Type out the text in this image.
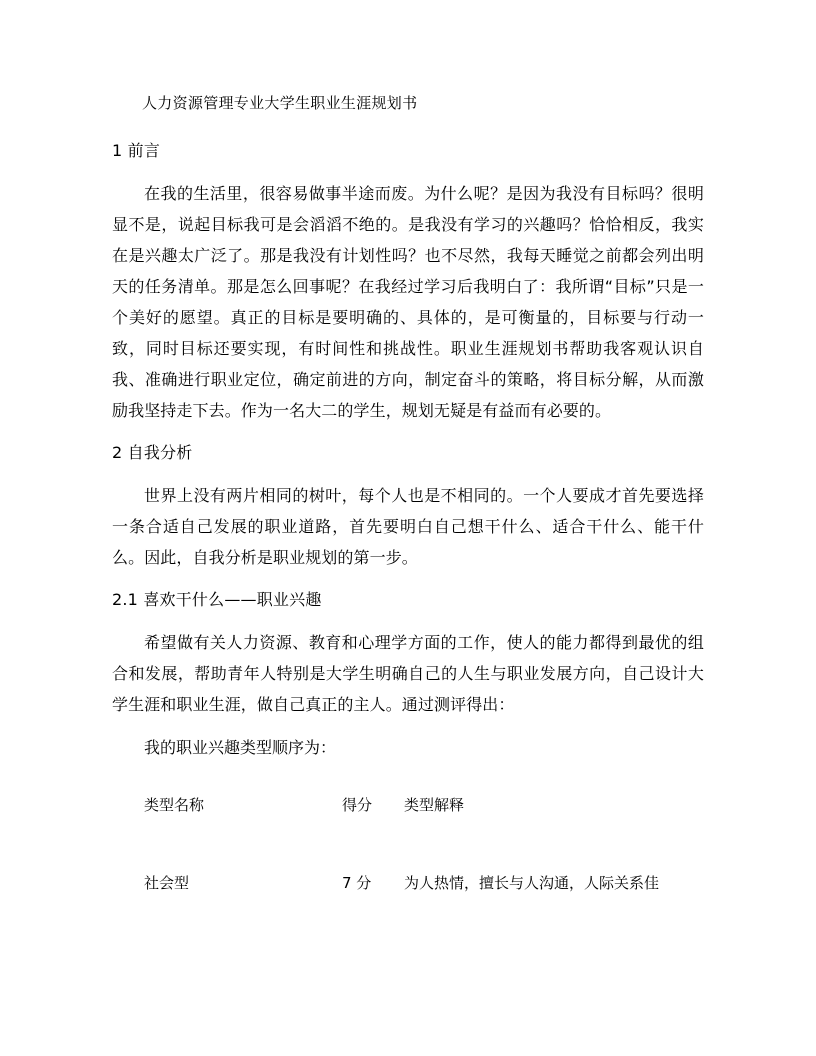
人力资源管理专业大学生职业生涯规划书
1 前言

在我的生活里，很容易做事半途而废。为什么呢？是因为我没有目标吗？很明显不是，说起目标我可是会滔滔不绝的。是我没有学习的兴趣吗？恰恰相反，我实在是兴趣太广泛了。那是我没有计划性吗？也不尽然，我每天睡觉之前都会列出明天的任务清单。那是怎么回事呢？在我经过学习后我明白了：我所谓“目标”只是一个美好的愿望。真正的目标是要明确的、具体的，是可衡量的，目标要与行动一致，同时目标还要实现，有时间性和挑战性。职业生涯规划书帮助我客观认识自我、准确进行职业定位，确定前进的方向，制定奋斗的策略，将目标分解，从而激励我坚持走下去。作为一名大二的学生，规划无疑是有益而有必要的。

2 自我分析

世界上没有两片相同的树叶，每个人也是不相同的。一个人要成才首先要选择一条合适自己发展的职业道路，首先要明白自己想干什么、适合干什么、能干什么。因此，自我分析是职业规划的第一步。

2.1 喜欢干什么——职业兴趣

希望做有关人力资源、教育和心理学方面的工作，使人的能力都得到最优的组合和发展，帮助青年人特别是大学生明确自己的人生与职业发展方向，自己设计大学生涯和职业生涯，做自己真正的主人。通过测评得出：

我的职业兴趣类型顺序为：

类型名称	得分	类型解释
社会型	7 分	为人热情，擅长与人沟通，人际关系佳
